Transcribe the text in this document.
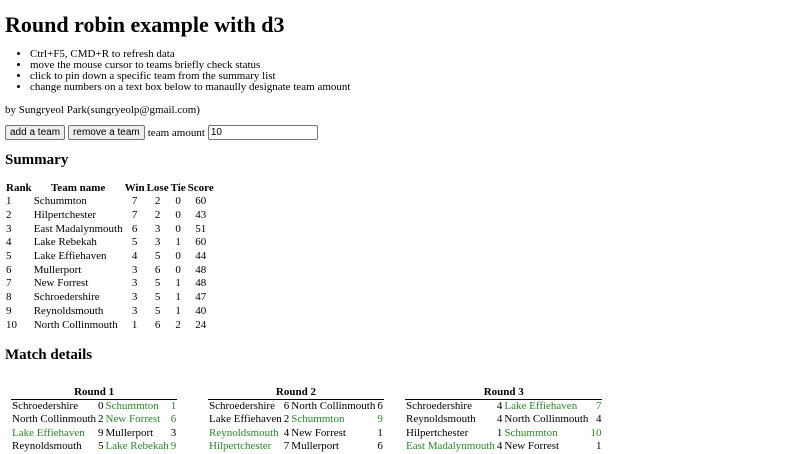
Round robin example with d3
• Ctrl+F5, CMD+R to refresh data
• move the mouse cursor to teams briefly check status
• click to pin down a specific team from the summary list
• change numbers on a text box below to manaully designate team amount
by Sungryeol Park(sungryeolp@gmail.com)
add a team	remove a team team amount
10
Summary
Rank	Team name	Win	Lose	Tie	Score
1	Schummton	7	2	0	60
2	Hilpertchester	7	2	0	43
3	East Madalynmouth	6	3	0	51
4	Lake Rebekah	5	3	1	60
5	Lake Effiehaven	4	5	0	44
6	Mullerport	3	6	0	48
7	New Forrest	3	5	1	48
8	Schroedershire	3	5	1	47
9	Reynoldsmouth	3	5	1	40
10	North Collinmouth	1	6	2	24
Match details
Round 1

Schroedershire	0	Schummton	1
North Collinmouth	2	New Forrest	6
Lake Effiehaven	9	Mullerport	3
Reynoldsmouth	5	Lake Rebekah	9
Round 2

Schroedershire	6	North Collinmouth	6
Lake Effiehaven	2	Schummton	9
Reynoldsmouth	4	New Forrest	1
Hilpertchester	7	Mullerport	6
Round 3

Schroedershire	4	Lake Effiehaven	7
Reynoldsmouth	4	North Collinmouth	4
Hilpertchester	1	Schummton	10
East Madalynmouth	4	New Forrest	1
